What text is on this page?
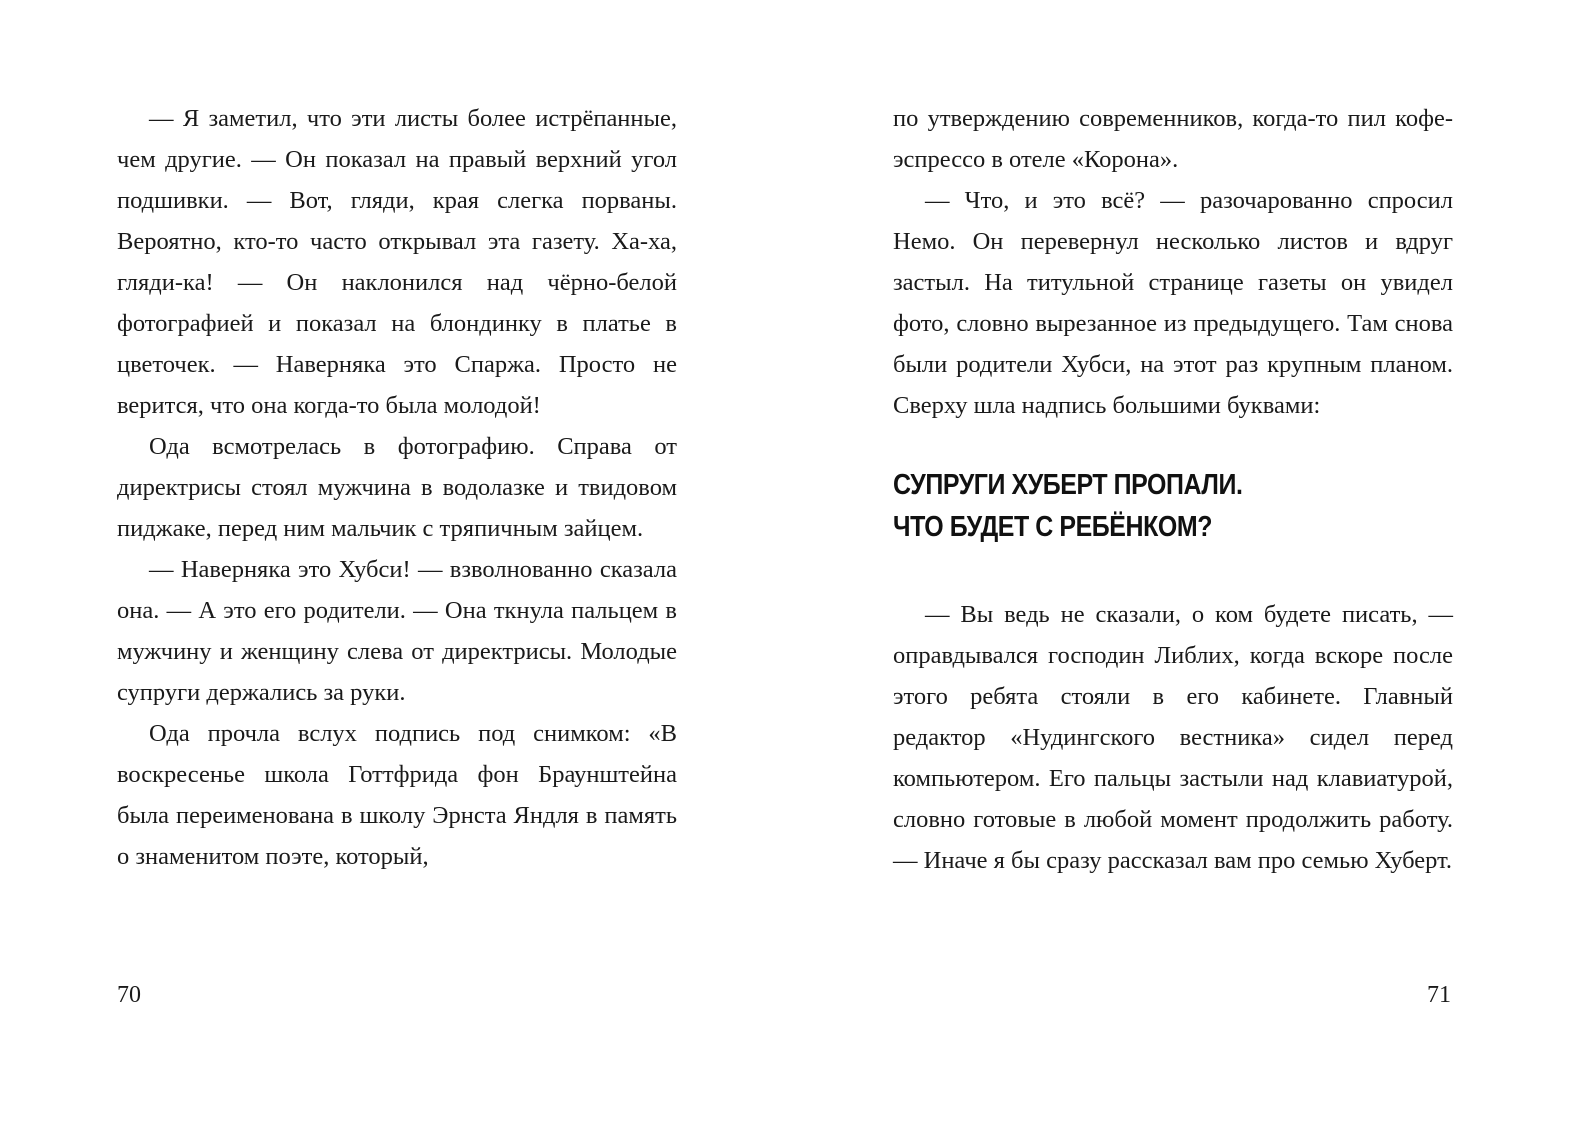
— Я заметил, что эти листы более истрёпанные, чем другие. — Он показал на правый верхний угол подшивки. — Вот, гляди, края слегка порваны. Вероятно, кто-то часто открывал эта газету. Ха-ха, гляди-ка! — Он наклонился над чёрно-белой фотографией и показал на блондинку в платье в цветочек. — Наверняка это Спаржа. Просто не верится, что она когда-то была молодой!

Ода всмотрелась в фотографию. Справа от директрисы стоял мужчина в водолазке и твидовом пиджаке, перед ним мальчик с тряпичным зайцем.

— Наверняка это Хубси! — взволнованно сказала она. — А это его родители. — Она ткнула пальцем в мужчину и женщину слева от директрисы. Молодые супруги держались за руки.

Ода прочла вслух подпись под снимком: «В воскресенье школа Готтфрида фон Браунштейна была переименована в школу Эрнста Яндля в память о знаменитом поэте, который,

по утверждению современников, когда-то пил кофе-эспрессо в отеле «Корона».

— Что, и это всё? — разочарованно спросил Немо. Он перевернул несколько листов и вдруг застыл. На титульной странице газеты он увидел фото, словно вырезанное из предыдущего. Там снова были родители Хубси, на этот раз крупным планом. Сверху шла надпись большими буквами:

СУПРУГИ ХУБЕРТ ПРОПАЛИ.
ЧТО БУДЕТ С РЕБЁНКОМ?

— Вы ведь не сказали, о ком будете писать, — оправдывался господин Либлих, когда вскоре после этого ребята стояли в его кабинете. Главный редактор «Нудингского вестника» сидел перед компьютером. Его пальцы застыли над клавиатурой, словно готовые в любой момент продолжить работу. — Иначе я бы сразу рассказал вам про семью Хуберт.

70	71
